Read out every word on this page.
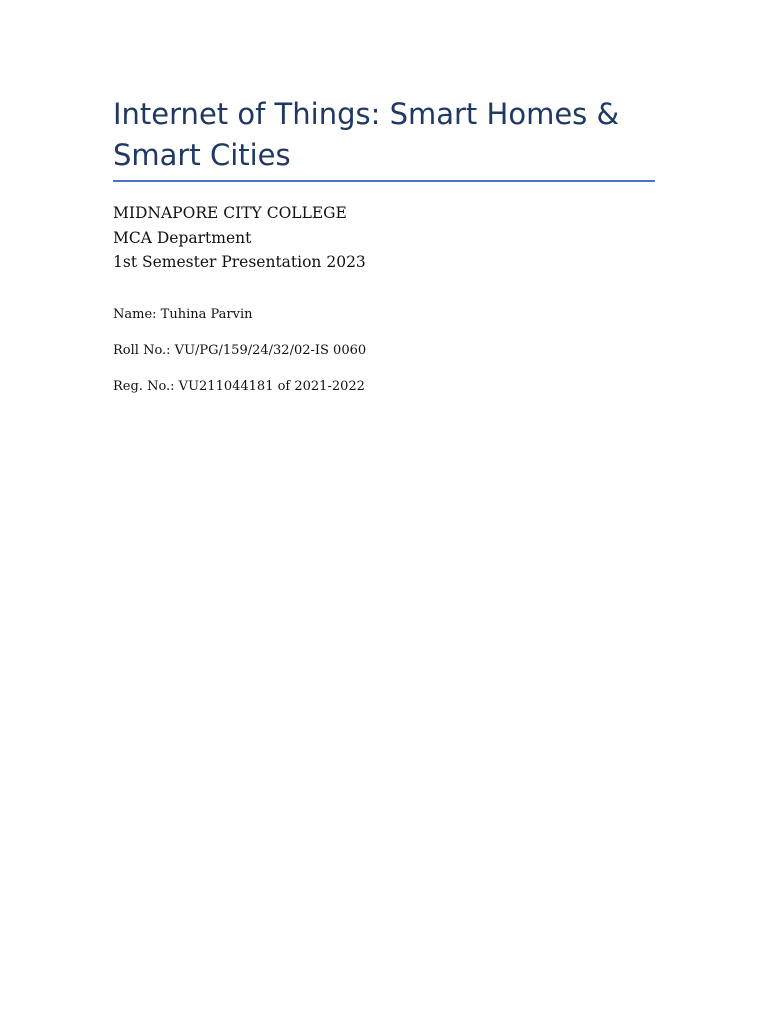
Internet of Things: Smart Homes & Smart Cities
MIDNAPORE CITY COLLEGE
MCA Department
1st Semester Presentation 2023
Name: Tuhina Parvin
Roll No.: VU/PG/159/24/32/02-IS 0060
Reg. No.: VU211044181 of 2021-2022
